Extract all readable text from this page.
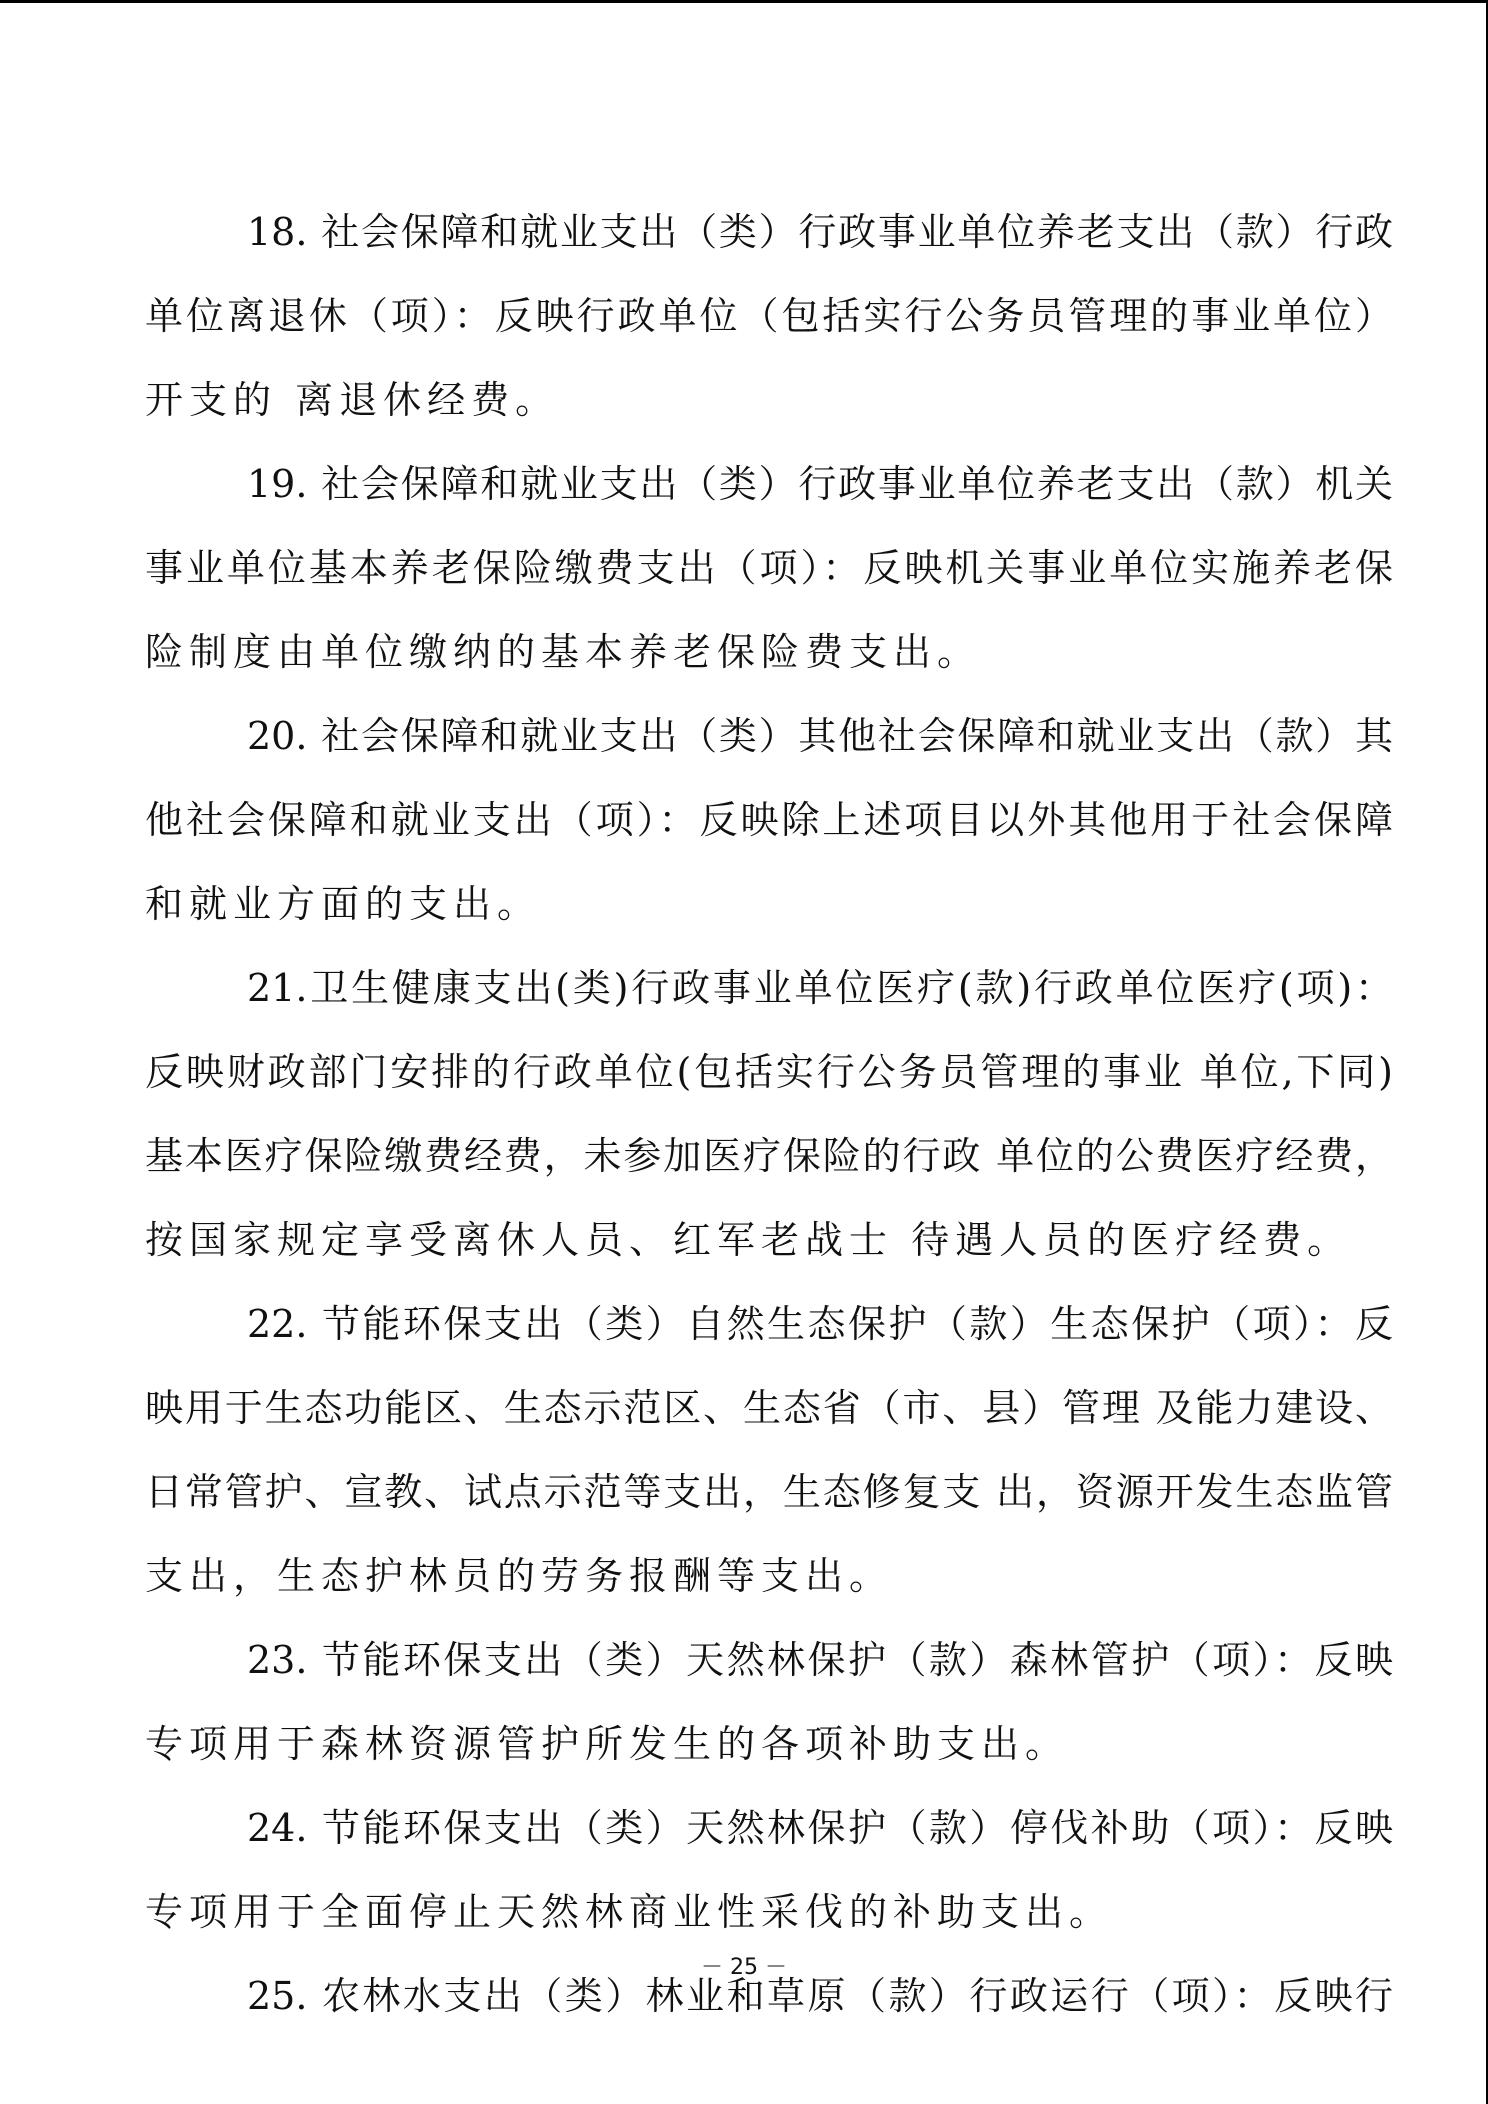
18. 社会保障和就业支出（类）行政事业单位养老支出（款）行政
单位离退休（项）：反映行政单位（包括实行公务员管理的事业单位）
开支的 离退休经费。
19. 社会保障和就业支出（类）行政事业单位养老支出（款）机关
事业单位基本养老保险缴费支出（项）：反映机关事业单位实施养老保
险制度由单位缴纳的基本养老保险费支出。
20. 社会保障和就业支出（类）其他社会保障和就业支出（款）其
他社会保障和就业支出（项）：反映除上述项目以外其他用于社会保障
和就业方面的支出。
21.卫生健康支出(类)行政事业单位医疗(款)行政单位医疗(项)：
反映财政部门安排的行政单位(包括实行公务员管理的事业 单位,下同)
基本医疗保险缴费经费，未参加医疗保险的行政 单位的公费医疗经费，
按国家规定享受离休人员、红军老战士 待遇人员的医疗经费。
22. 节能环保支出（类）自然生态保护（款）生态保护（项）：反
映用于生态功能区、生态示范区、生态省（市、县）管理 及能力建设、
日常管护、宣教、试点示范等支出，生态修复支 出，资源开发生态监管
支出，生态护林员的劳务报酬等支出。
23. 节能环保支出（类）天然林保护（款）森林管护（项）：反映
专项用于森林资源管护所发生的各项补助支出。
24. 节能环保支出（类）天然林保护（款）停伐补助（项）：反映
专项用于全面停止天然林商业性采伐的补助支出。
25. 农林水支出（类）林业和草原（款）行政运行（项）：反映行
－ 25 －
